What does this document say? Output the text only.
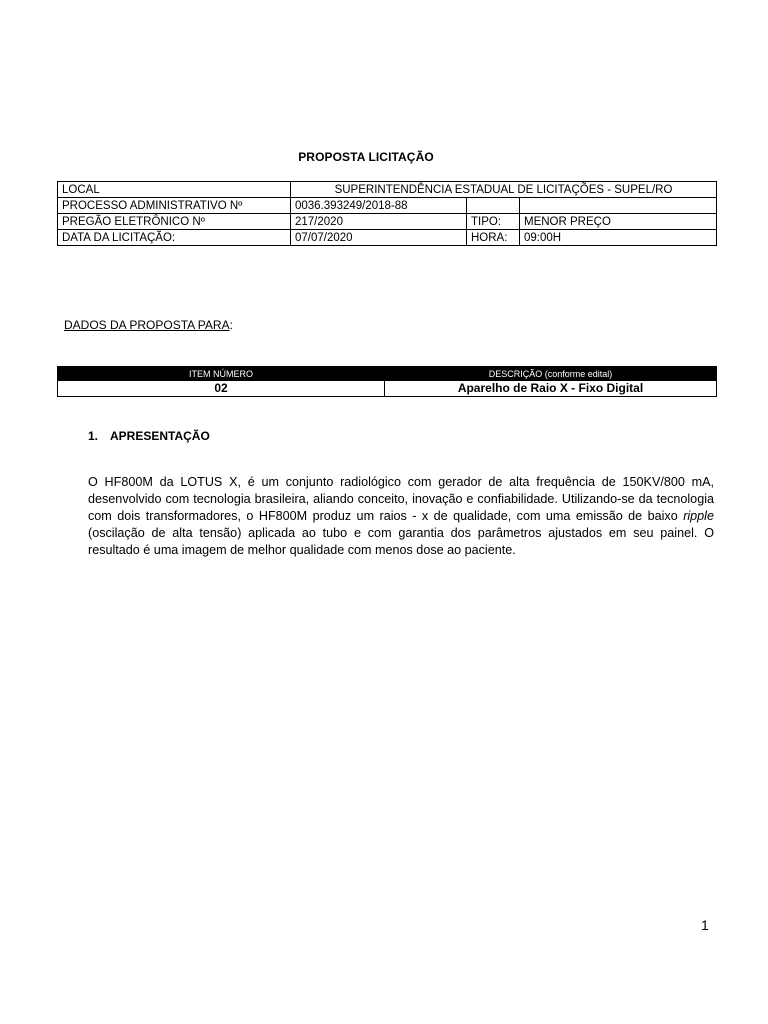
PROPOSTA LICITAÇÃO
LOCAL	SUPERINTENDÊNCIA ESTADUAL DE LICITAÇÕES - SUPEL/RO		
PROCESSO ADMINISTRATIVO Nº	0036.393249/2018-88		
PREGÃO ELETRÔNICO Nº	217/2020	TIPO:	MENOR PREÇO
DATA DA LICITAÇÃO:	07/07/2020	HORA:	09:00H
DADOS DA PROPOSTA PARA:
ITEM NÚMERO	DESCRIÇÃO (conforme edital)
02	Aparelho de Raio X - Fixo Digital
1. APRESENTAÇÃO

O HF800M da LOTUS X, é um conjunto radiológico com gerador de alta frequência de 150KV/800 mA, desenvolvido com tecnologia brasileira, aliando conceito, inovação e confiabilidade. Utilizando-se da tecnologia com dois transformadores, o HF800M produz um raios - x de qualidade, com uma emissão de baixo ripple (oscilação de alta tensão) aplicada ao tubo e com garantia dos parâmetros ajustados em seu painel. O resultado é uma imagem de melhor qualidade com menos dose ao paciente.

1
